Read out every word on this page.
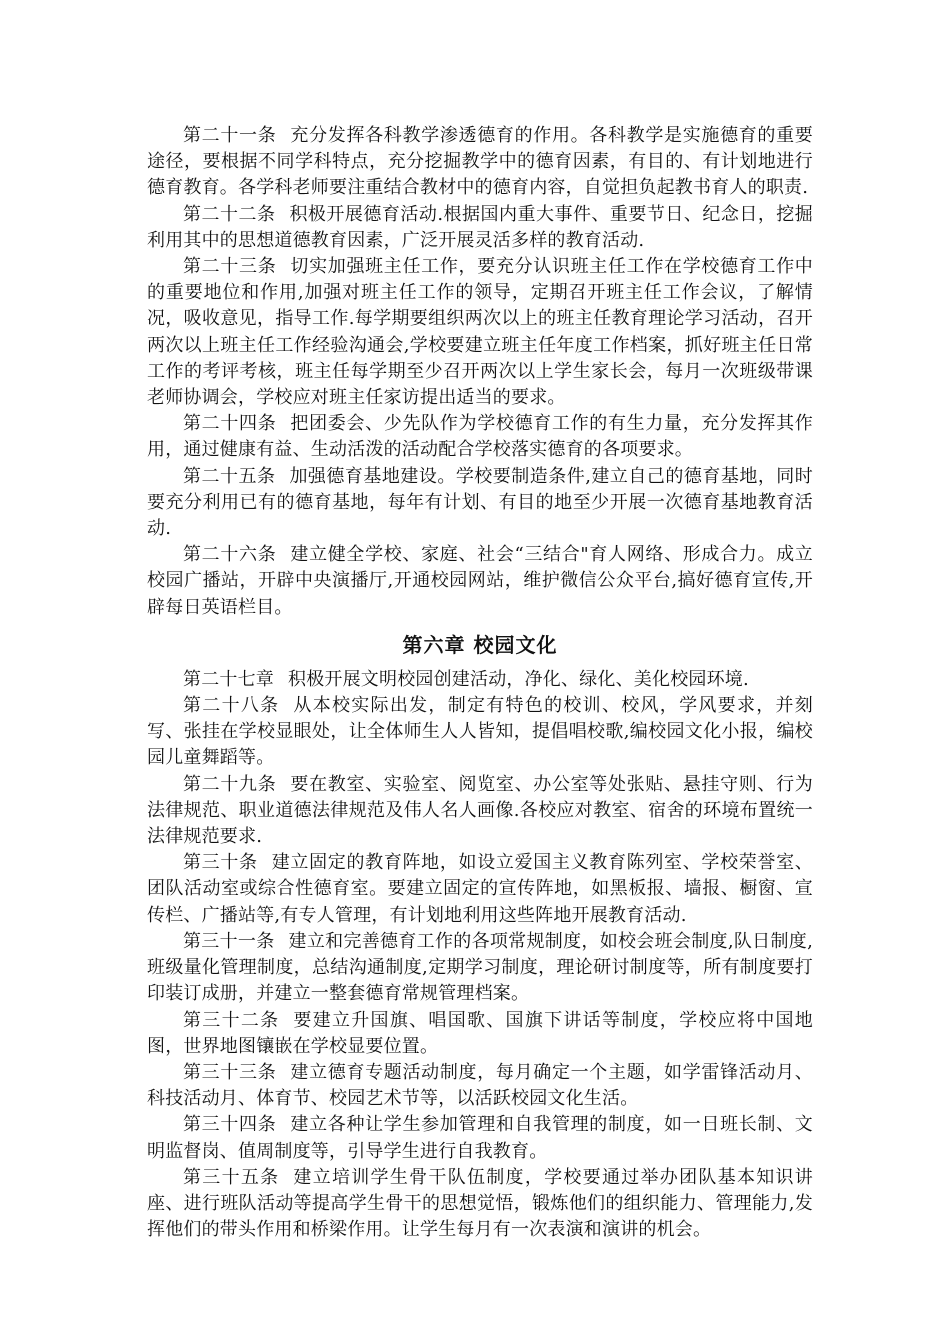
第二十一条 充分发挥各科教学渗透德育的作用。各科教学是实施德育的重要途径，要根据不同学科特点，充分挖掘教学中的德育因素，有目的、有计划地进行德育教育。各学科老师要注重结合教材中的德育内容，自觉担负起教书育人的职责.

第二十二条 积极开展德育活动.根据国内重大事件、重要节日、纪念日，挖掘利用其中的思想道德教育因素，广泛开展灵活多样的教育活动.

第二十三条 切实加强班主任工作，要充分认识班主任工作在学校德育工作中的重要地位和作用,加强对班主任工作的领导，定期召开班主任工作会议，了解情况，吸收意见，指导工作.每学期要组织两次以上的班主任教育理论学习活动，召开两次以上班主任工作经验沟通会,学校要建立班主任年度工作档案，抓好班主任日常工作的考评考核，班主任每学期至少召开两次以上学生家长会，每月一次班级带课老师协调会，学校应对班主任家访提出适当的要求。

第二十四条 把团委会、少先队作为学校德育工作的有生力量，充分发挥其作用，通过健康有益、生动活泼的活动配合学校落实德育的各项要求。

第二十五条 加强德育基地建设。学校要制造条件,建立自己的德育基地，同时要充分利用已有的德育基地，每年有计划、有目的地至少开展一次德育基地教育活动.

第二十六条 建立健全学校、家庭、社会“三结合"育人网络、形成合力。成立校园广播站，开辟中央演播厅,开通校园网站，维护微信公众平台,搞好德育宣传,开辟每日英语栏目。

第六章 校园文化

第二十七章 积极开展文明校园创建活动，净化、绿化、美化校园环境.

第二十八条 从本校实际出发，制定有特色的校训、校风，学风要求，并刻写、张挂在学校显眼处，让全体师生人人皆知，提倡唱校歌,编校园文化小报，编校园儿童舞蹈等。

第二十九条 要在教室、实验室、阅览室、办公室等处张贴、悬挂守则、行为法律规范、职业道德法律规范及伟人名人画像.各校应对教室、宿舍的环境布置统一法律规范要求.

第三十条 建立固定的教育阵地，如设立爱国主义教育陈列室、学校荣誉室、团队活动室或综合性德育室。要建立固定的宣传阵地，如黑板报、墙报、橱窗、宣传栏、广播站等,有专人管理，有计划地利用这些阵地开展教育活动.

第三十一条 建立和完善德育工作的各项常规制度，如校会班会制度,队日制度,班级量化管理制度，总结沟通制度,定期学习制度，理论研讨制度等，所有制度要打印装订成册，并建立一整套德育常规管理档案。

第三十二条 要建立升国旗、唱国歌、国旗下讲话等制度，学校应将中国地图，世界地图镶嵌在学校显要位置。

第三十三条 建立德育专题活动制度，每月确定一个主题，如学雷锋活动月、科技活动月、体育节、校园艺术节等，以活跃校园文化生活。

第三十四条 建立各种让学生参加管理和自我管理的制度，如一日班长制、文明监督岗、值周制度等，引导学生进行自我教育。

第三十五条 建立培训学生骨干队伍制度，学校要通过举办团队基本知识讲座、进行班队活动等提高学生骨干的思想觉悟，锻炼他们的组织能力、管理能力,发挥他们的带头作用和桥梁作用。让学生每月有一次表演和演讲的机会。
